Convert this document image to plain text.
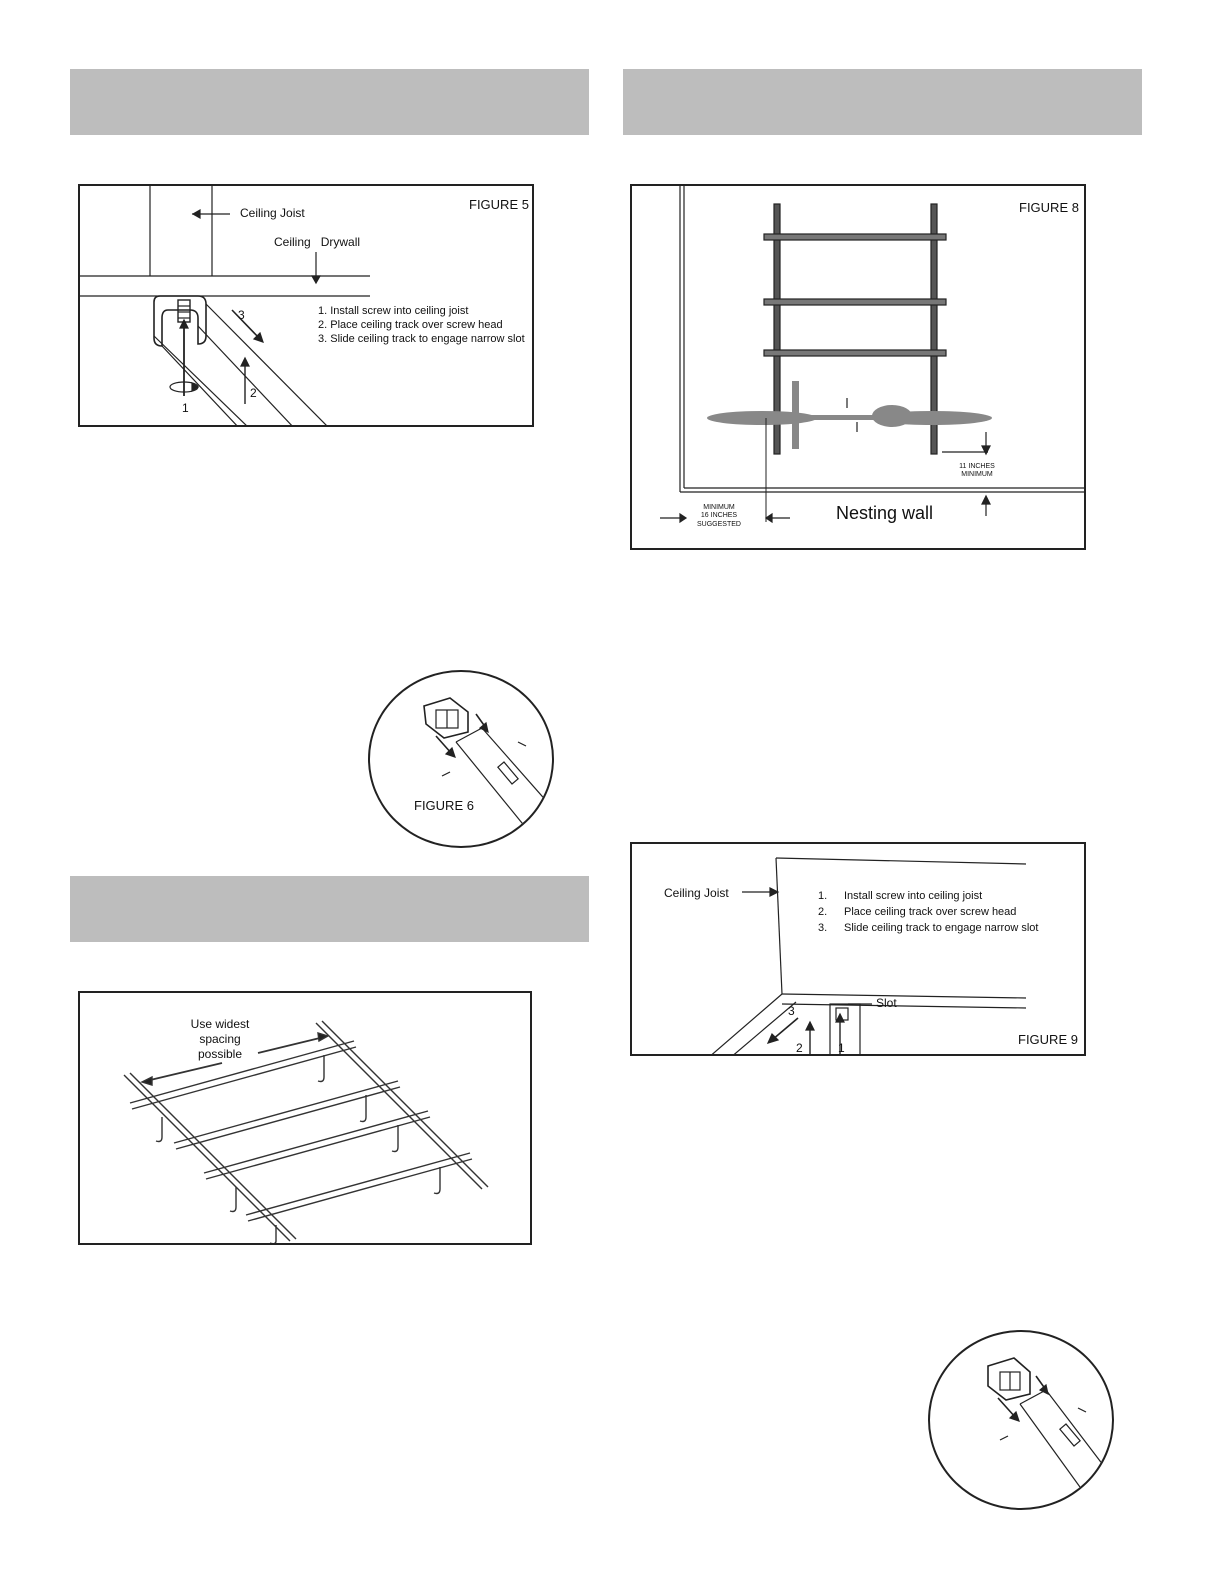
FIGURE 5
Ceiling Joist
Ceiling   Drywall
1. Install screw into ceiling joist
2. Place ceiling track over screw head
3. Slide ceiling track to engage narrow slot
1
2
3
FIGURE 6
Use widest
spacing
possible
FIGURE 8
MINIMUM
16 INCHES
SUGGESTED
11 INCHES
MINIMUM
Nesting wall
Ceiling Joist	1. Install screw into ceiling joist
2. Place ceiling track over screw head
3. Slide ceiling track to engage narrow slot
Slot
FIGURE 9
1
2
3
